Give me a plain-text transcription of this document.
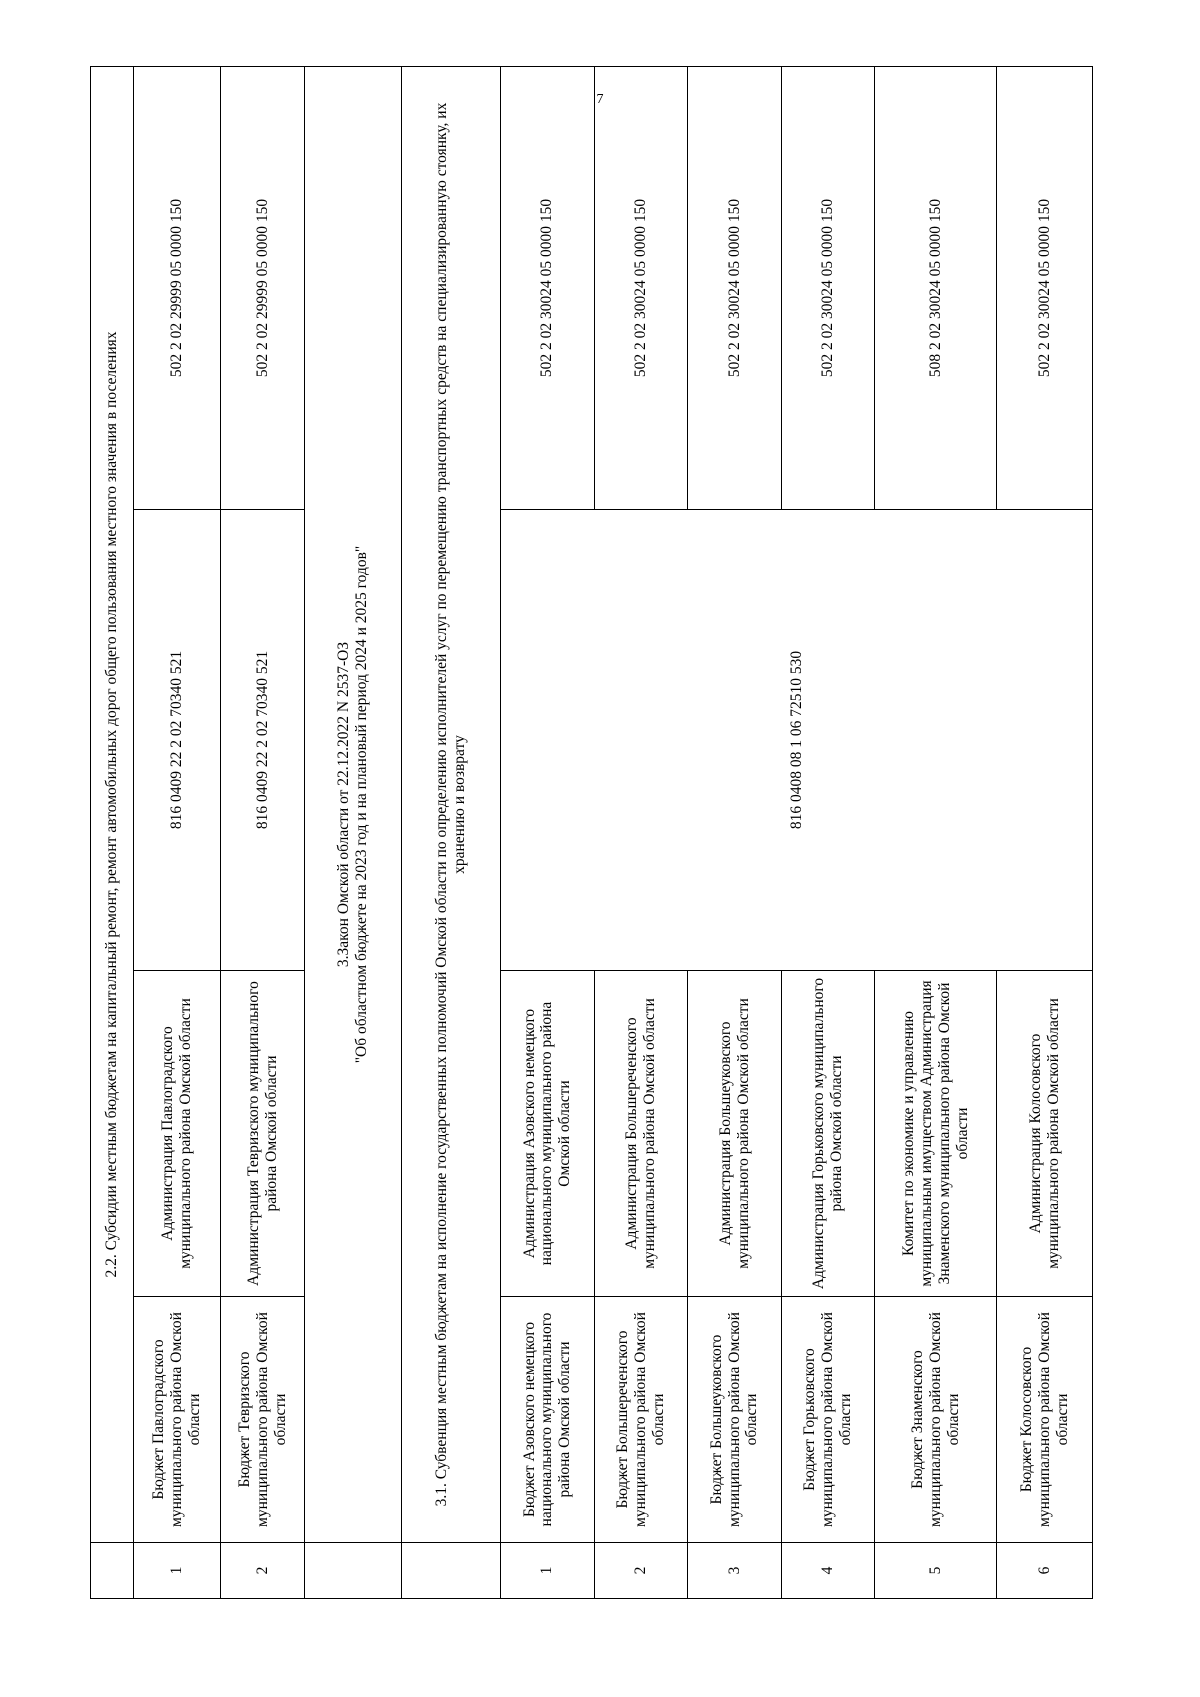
7
	2.2. Субсидии местным бюджетам на капитальный ремонт, ремонт автомобильных дорог общего пользования местного значения в поселениях			
1	Бюджет Павлоградского муниципального района Омской области	Администрация Павлоградского муниципального района Омской области	816 0409 22 2 02 70340 521	502 2 02 29999 05 0000 150
2	Бюджет Тевризского муниципального района Омской области	Администрация Тевризского муниципального района Омской области	816 0409 22 2 02 70340 521	502 2 02 29999 05 0000 150

	3.Закон Омской области от 22.12.2022 N 2537-ОЗ "Об областном бюджете на 2023 год и на плановый период 2024 и 2025 годов"			

	3.1. Субвенция местным бюджетам на исполнение государственных полномочий Омской области по определению исполнителей услуг по перемещению транспортных средств на специализированную стоянку, их хранению и возврату			
1	Бюджет Азовского немецкого национального муниципального района Омской области	Администрация Азовского немецкого национального муниципального района Омской области	816 0408 08 1 06 72510 530	502 2 02 30024 05 0000 150
2	Бюджет Большереченского муниципального района Омской области	Администрация Большереченского муниципального района Омской области		502 2 02 30024 05 0000 150
3	Бюджет Большеуковского муниципального района Омской области	Администрация Большеуковского муниципального района Омской области		502 2 02 30024 05 0000 150
4	Бюджет Горьковского муниципального района Омской области	Администрация Горьковского муниципального района Омской области		502 2 02 30024 05 0000 150
5	Бюджет Знаменского муниципального района Омской области	Комитет по экономике и управлению муниципальным имуществом Администрация Знаменского муниципального района Омской области		508 2 02 30024 05 0000 150
6	Бюджет Колосовского муниципального района Омской области	Администрация Колосовского муниципального района Омской области		502 2 02 30024 05 0000 150
